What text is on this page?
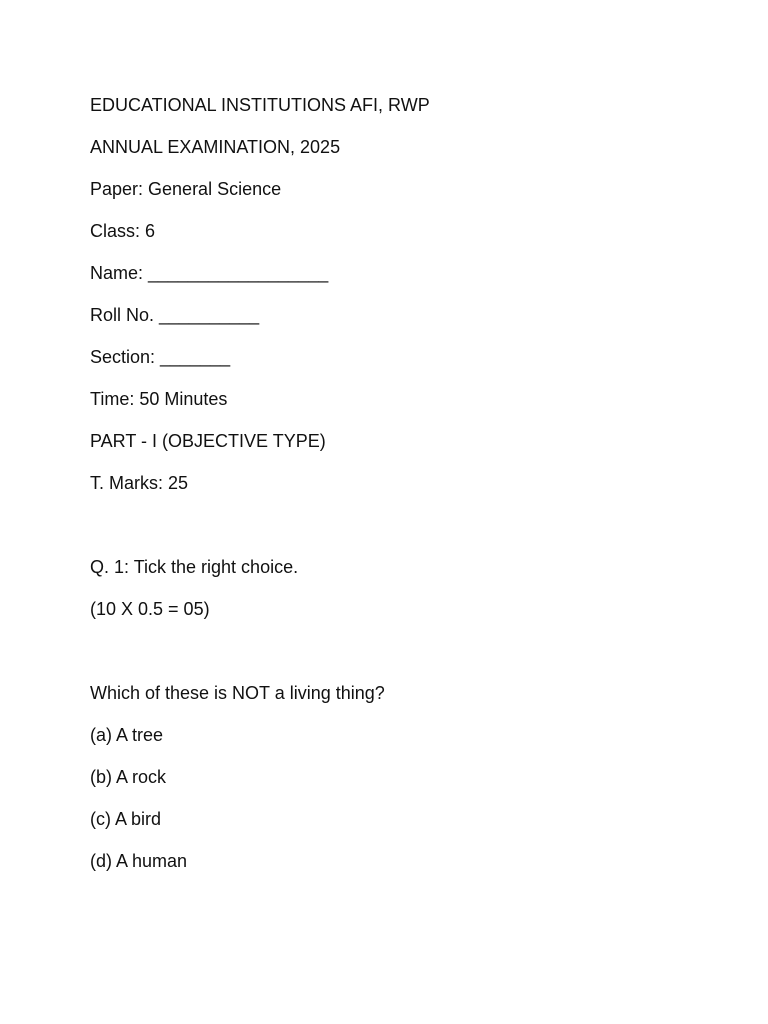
EDUCATIONAL INSTITUTIONS AFI, RWP
ANNUAL EXAMINATION, 2025
Paper: General Science
Class: 6
Name: __________________
Roll No. __________
Section: _______
Time: 50 Minutes
PART - I (OBJECTIVE TYPE)
T. Marks: 25
Q. 1: Tick the right choice.
(10 X 0.5 = 05)
Which of these is NOT a living thing?
(a) A tree
(b) A rock
(c) A bird
(d) A human
